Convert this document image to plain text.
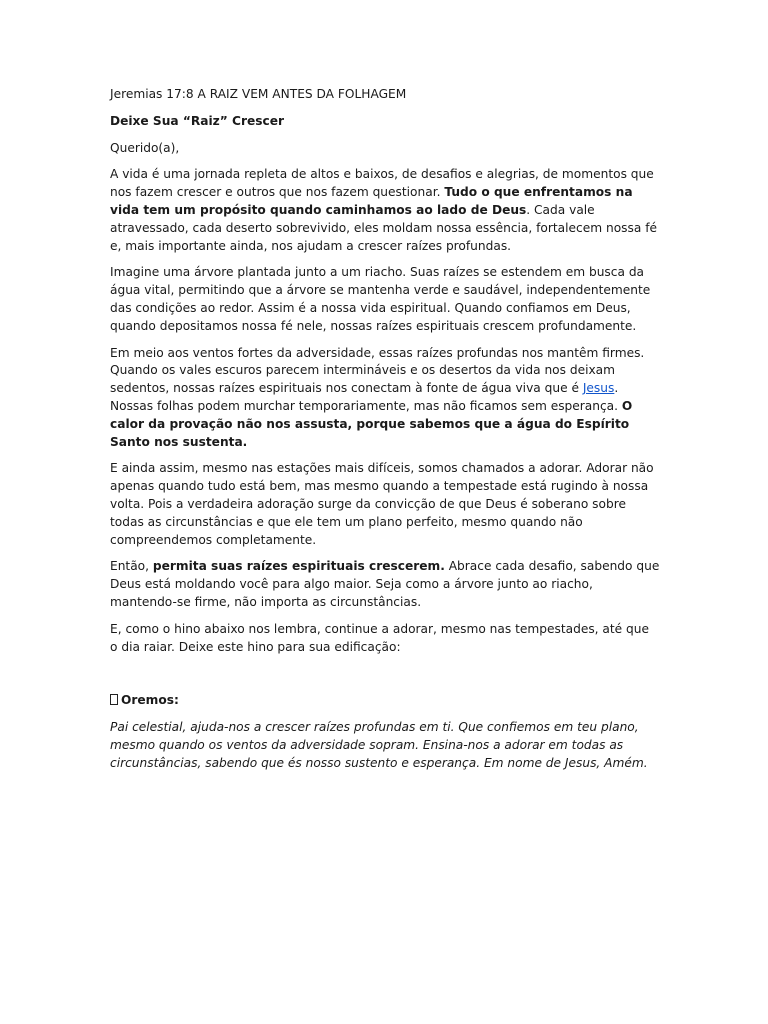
Jeremias 17:8 A RAIZ VEM ANTES DA FOLHAGEM

Deixe Sua “Raiz” Crescer

Querido(a),

A vida é uma jornada repleta de altos e baixos, de desafios e alegrias, de momentos que nos fazem crescer e outros que nos fazem questionar. Tudo o que enfrentamos na vida tem um propósito quando caminhamos ao lado de Deus. Cada vale atravessado, cada deserto sobrevivido, eles moldam nossa essência, fortalecem nossa fé e, mais importante ainda, nos ajudam a crescer raízes profundas.

Imagine uma árvore plantada junto a um riacho. Suas raízes se estendem em busca da água vital, permitindo que a árvore se mantenha verde e saudável, independentemente das condições ao redor. Assim é a nossa vida espiritual. Quando confiamos em Deus, quando depositamos nossa fé nele, nossas raízes espirituais crescem profundamente.

Em meio aos ventos fortes da adversidade, essas raízes profundas nos mantêm firmes. Quando os vales escuros parecem intermináveis e os desertos da vida nos deixam sedentos, nossas raízes espirituais nos conectam à fonte de água viva que é Jesus. Nossas folhas podem murchar temporariamente, mas não ficamos sem esperança. O calor da provação não nos assusta, porque sabemos que a água do Espírito Santo nos sustenta.

E ainda assim, mesmo nas estações mais difíceis, somos chamados a adorar. Adorar não apenas quando tudo está bem, mas mesmo quando a tempestade está rugindo à nossa volta. Pois a verdadeira adoração surge da convicção de que Deus é soberano sobre todas as circunstâncias e que ele tem um plano perfeito, mesmo quando não compreendemos completamente.

Então, permita suas raízes espirituais crescerem. Abrace cada desafio, sabendo que Deus está moldando você para algo maior. Seja como a árvore junto ao riacho, mantendo-se firme, não importa as circunstâncias.

E, como o hino abaixo nos lembra, continue a adorar, mesmo nas tempestades, até que o dia raiar. Deixe este hino para sua edificação:

Oremos:

Pai celestial, ajuda-nos a crescer raízes profundas em ti. Que confiemos em teu plano, mesmo quando os ventos da adversidade sopram. Ensina-nos a adorar em todas as circunstâncias, sabendo que és nosso sustento e esperança. Em nome de Jesus, Amém.
